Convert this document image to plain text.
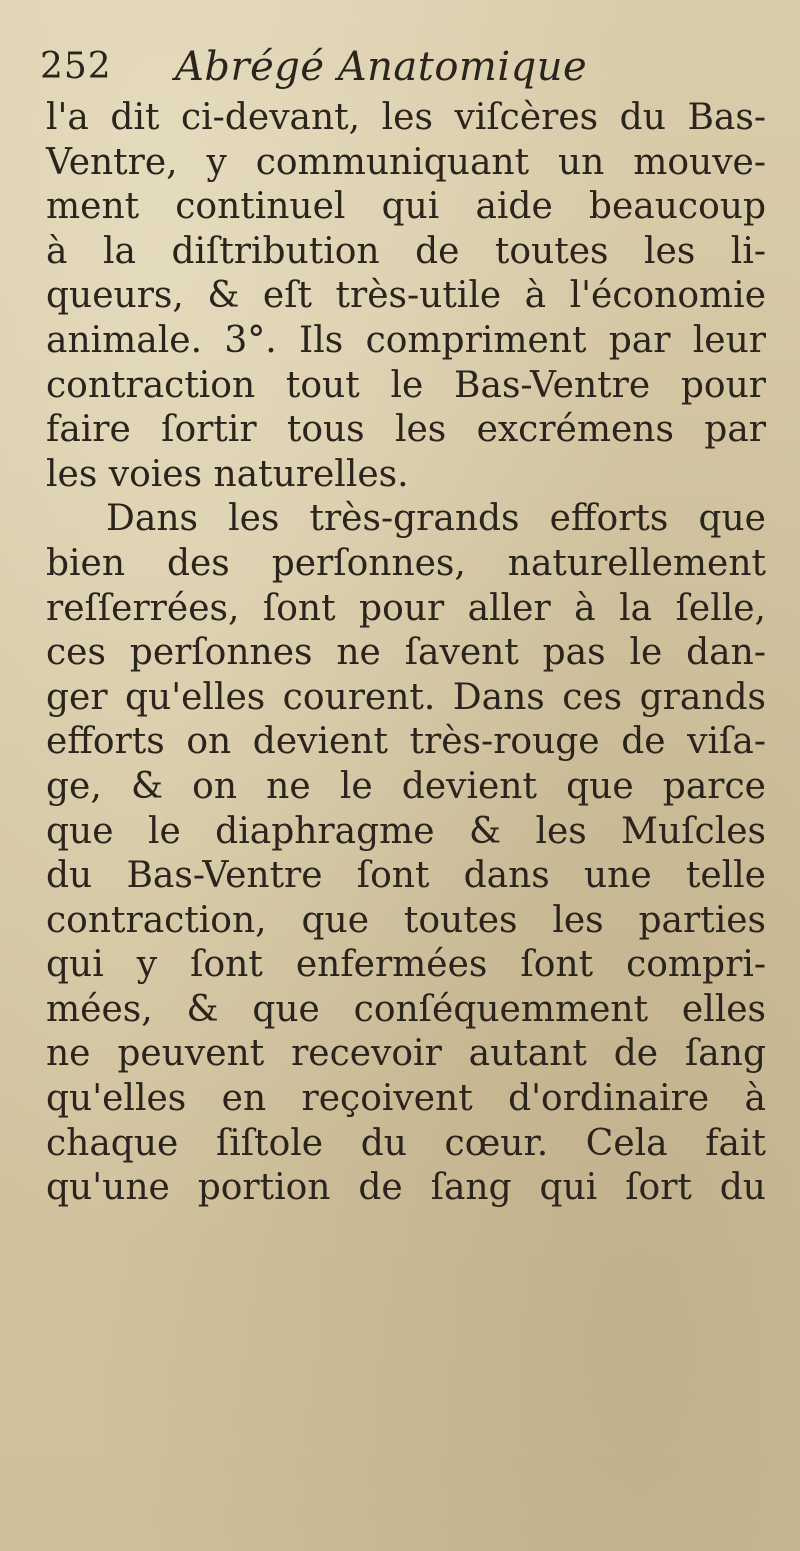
252 Abrégé Anatomique
l'a dit ci-devant, les viſcères du Bas-
Ventre, y communiquant un mouve-
ment continuel qui aide beaucoup
à la diſtribution de toutes les li-
queurs, & eſt très-utile à l'économie
animale. 3°. Ils compriment par leur
contraction tout le Bas-Ventre pour
faire ſortir tous les excrémens par
les voies naturelles.
Dans les très-grands efforts que
bien des perſonnes, naturellement
reſſerrées, ſont pour aller à la ſelle,
ces perſonnes ne ſavent pas le dan-
ger qu'elles courent. Dans ces grands
efforts on devient très-rouge de viſa-
ge, & on ne le devient que parce
que le diaphragme & les Muſcles
du Bas-Ventre ſont dans une telle
contraction, que toutes les parties
qui y ſont enfermées ſont compri-
mées, & que conſéquemment elles
ne peuvent recevoir autant de ſang
qu'elles en reçoivent d'ordinaire à
chaque ſiſtole du cœur. Cela fait
qu'une portion de ſang qui ſort du
